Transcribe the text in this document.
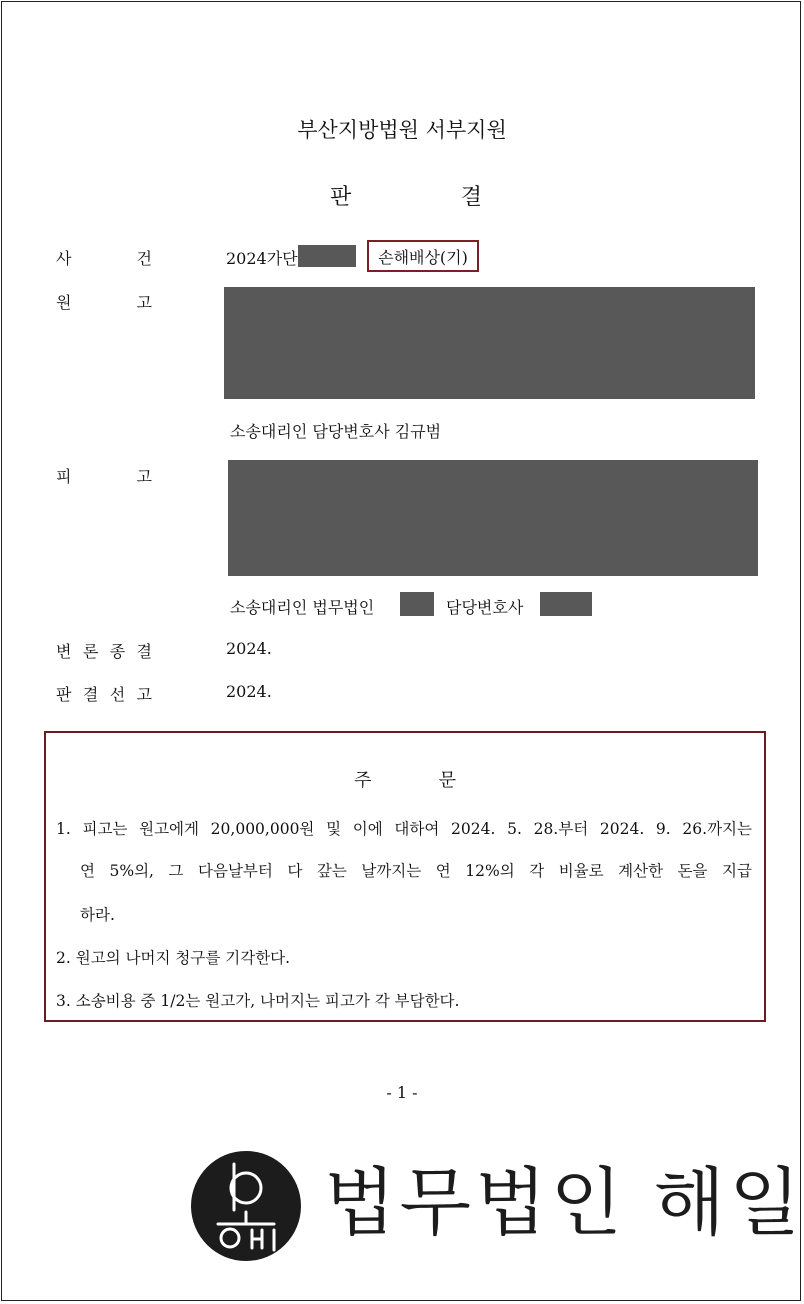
부산지방법원 서부지원
판	결
사	건	2024가단	손해배상(기)
원	고
소송대리인 담당변호사 김규범
피	고
소송대리인 법무법인	담당변호사
변 론 종 결	2024.
판 결 선 고	2024.
주	문
1. 피고는 원고에게 20,000,000원 및 이에 대하여 2024. 5. 28.부터 2024. 9. 26.까지는
연 5%의, 그 다음날부터 다 갚는 날까지는 연 12%의 각 비율로 계산한 돈을 지급
하라.
2. 원고의 나머지 청구를 기각한다.
3. 소송비용 중 1/2는 원고가, 나머지는 피고가 각 부담한다.
- 1 -
법무법인 해일
